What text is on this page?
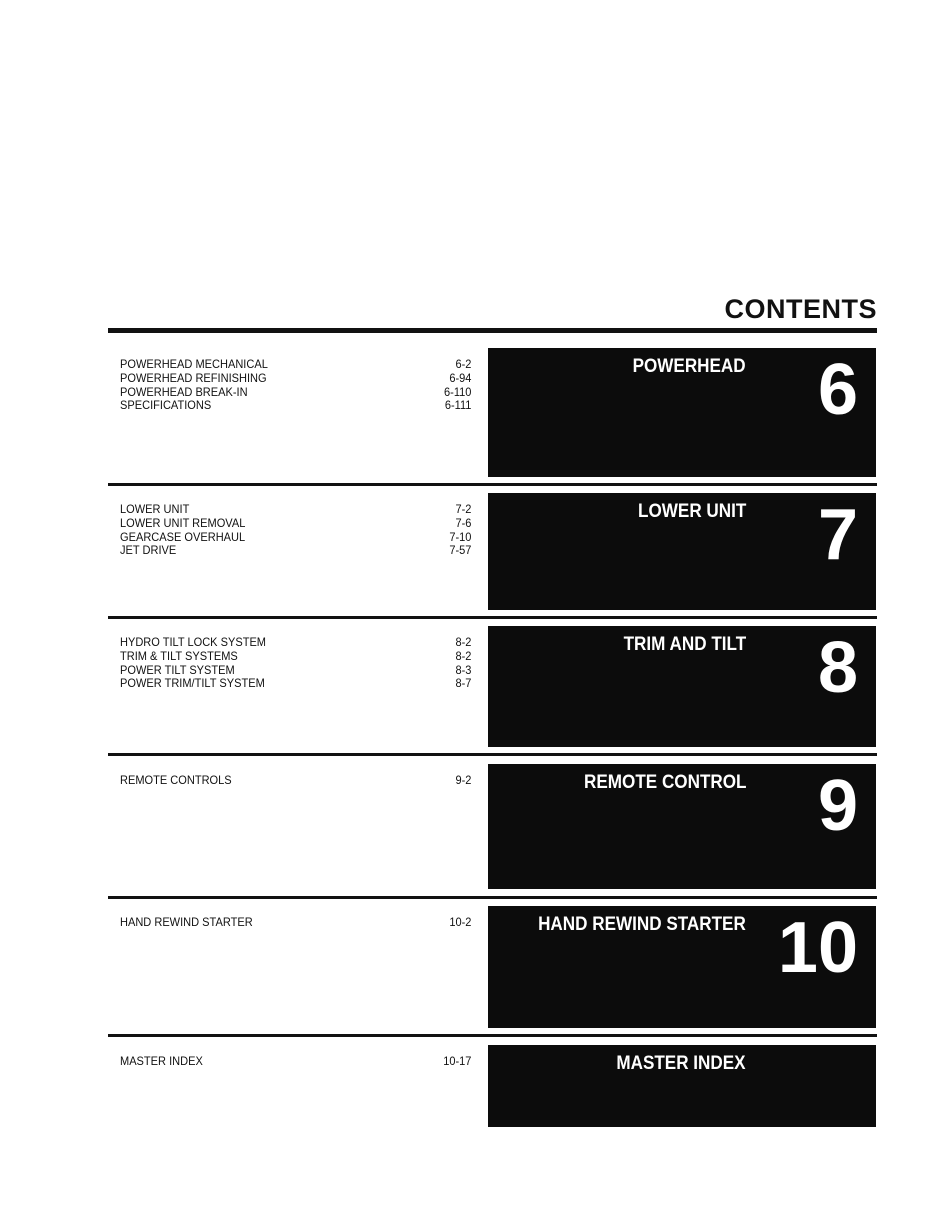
CONTENTS
POWERHEAD MECHANICAL	6-2
POWERHEAD REFINISHING	6-94
POWERHEAD BREAK-IN	6-110
SPECIFICATIONS	6-111
POWERHEAD 6
LOWER UNIT	7-2
LOWER UNIT REMOVAL	7-6
GEARCASE OVERHAUL	7-10
JET DRIVE	7-57
LOWER UNIT 7
HYDRO TILT LOCK SYSTEM	8-2
TRIM & TILT SYSTEMS	8-2
POWER TILT SYSTEM	8-3
POWER TRIM/TILT SYSTEM	8-7
TRIM AND TILT 8
REMOTE CONTROLS	9-2	REMOTE CONTROL 9
HAND REWIND STARTER	10-2	HAND REWIND STARTER 10
MASTER INDEX	10-17	MASTER INDEX
